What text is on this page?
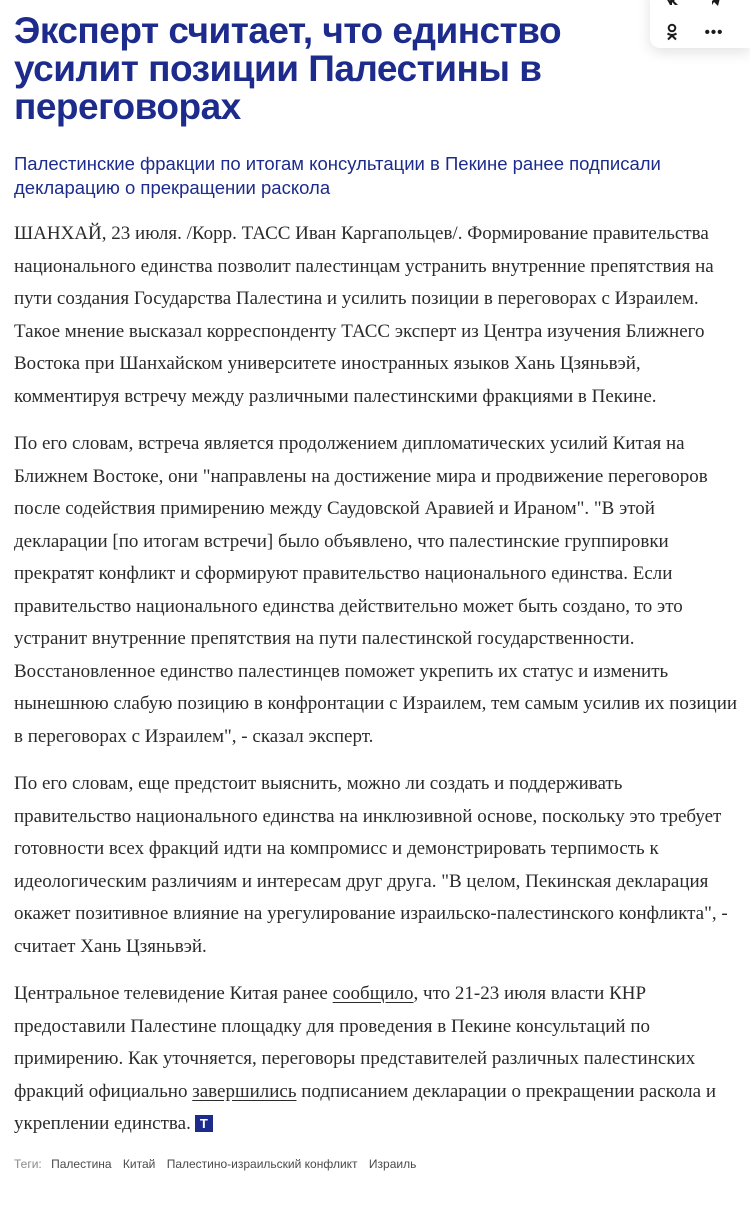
•••
Эксперт считает, что единство усилит позиции Палестины в переговорах

Палестинские фракции по итогам консультации в Пекине ранее подписали декларацию о прекращении раскола

ШАНХАЙ, 23 июля. /Корр. ТАСС Иван Каргапольцев/. Формирование правительства национального единства позволит палестинцам устранить внутренние препятствия на пути создания Государства Палестина и усилить позиции в переговорах с Израилем. Такое мнение высказал корреспонденту ТАСС эксперт из Центра изучения Ближнего Востока при Шанхайском университете иностранных языков Хань Цзяньвэй, комментируя встречу между различными палестинскими фракциями в Пекине.

По его словам, встреча является продолжением дипломатических усилий Китая на Ближнем Востоке, они "направлены на достижение мира и продвижение переговоров после содействия примирению между Саудовской Аравией и Ираном". "В этой декларации [по итогам встречи] было объявлено, что палестинские группировки прекратят конфликт и сформируют правительство национального единства. Если правительство национального единства действительно может быть создано, то это устранит внутренние препятствия на пути палестинской государственности. Восстановленное единство палестинцев поможет укрепить их статус и изменить нынешнюю слабую позицию в конфронтации с Израилем, тем самым усилив их позиции в переговорах с Израилем", - сказал эксперт.

По его словам, еще предстоит выяснить, можно ли создать и поддерживать правительство национального единства на инклюзивной основе, поскольку это требует готовности всех фракций идти на компромисс и демонстрировать терпимость к идеологическим различиям и интересам друг друга. "В целом, Пекинская декларация окажет позитивное влияние на урегулирование израильско-палестинского конфликта", - считает Хань Цзяньвэй.

Центральное телевидение Китая ранее сообщило, что 21-23 июля власти КНР предоставили Палестине площадку для проведения в Пекине консультаций по примирению. Как уточняется, переговоры представителей различных палестинских фракций официально завершились подписанием декларации о прекращении раскола и укреплении единства. Т

Теги: Палестина Китай Палестино-израильский конфликт Израиль
